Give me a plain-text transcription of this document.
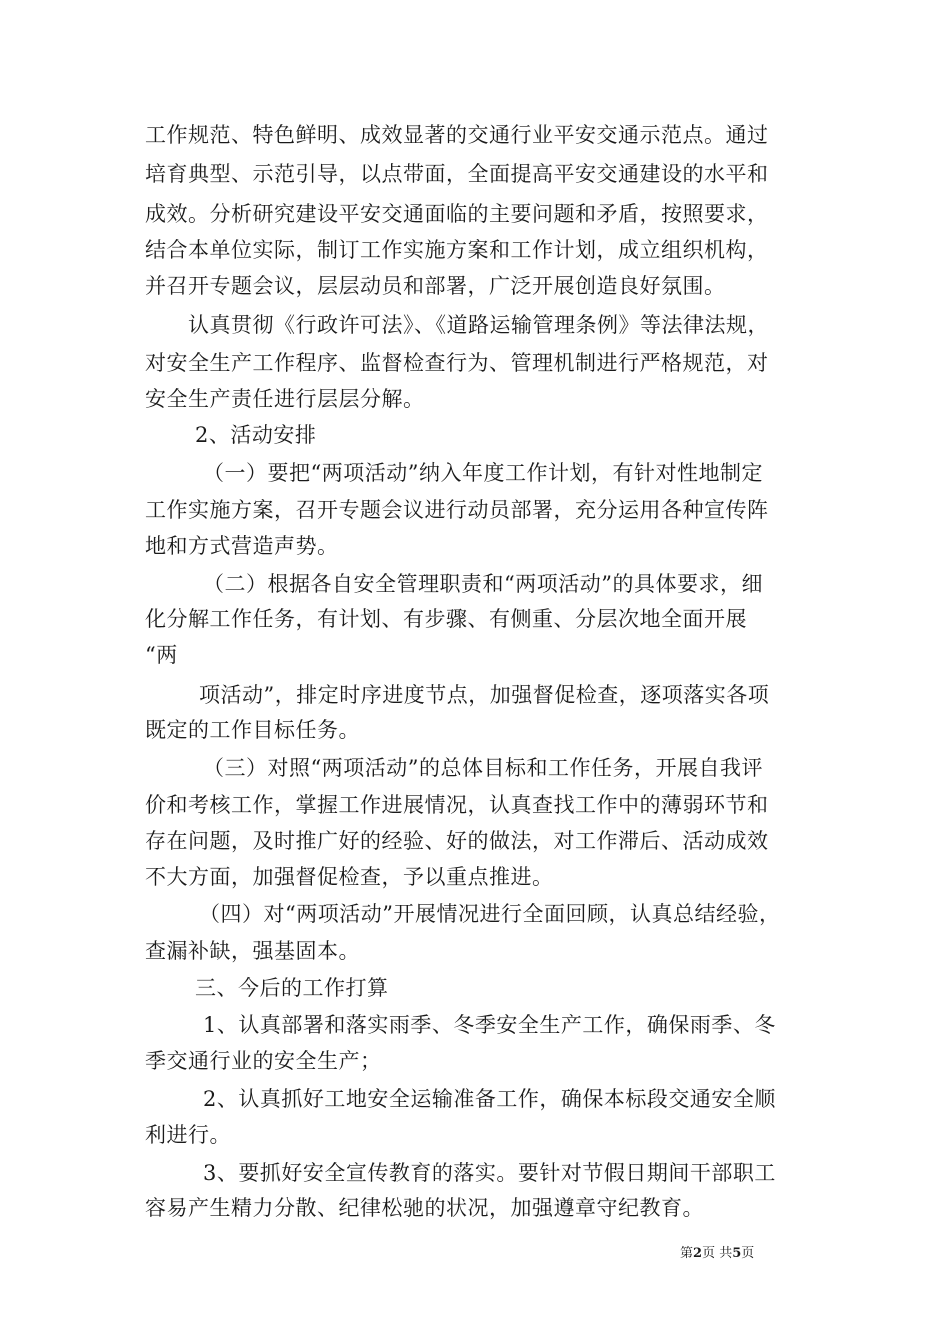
工作规范、特色鲜明、成效显著的交通行业平安交通示范点。通过

培育典型、示范引导，以点带面，全面提高平安交通建设的水平和

成效。分析研究建设平安交通面临的主要问题和矛盾，按照要求，

结合本单位实际，制订工作实施方案和工作计划，成立组织机构，

并召开专题会议，层层动员和部署，广泛开展创造良好氛围。

认真贯彻《行政许可法》、《道路运输管理条例》等法律法规，

对安全生产工作程序、监督检查行为、管理机制进行严格规范，对

安全生产责任进行层层分解。

2、活动安排

（一）要把“两项活动”纳入年度工作计划，有针对性地制定

工作实施方案，召开专题会议进行动员部署，充分运用各种宣传阵

地和方式营造声势。

（二）根据各自安全管理职责和“两项活动”的具体要求，细

化分解工作任务，有计划、有步骤、有侧重、分层次地全面开展

“两

项活动”，排定时序进度节点，加强督促检查，逐项落实各项

既定的工作目标任务。

（三）对照“两项活动”的总体目标和工作任务，开展自我评

价和考核工作，掌握工作进展情况，认真查找工作中的薄弱环节和

存在问题，及时推广好的经验、好的做法，对工作滞后、活动成效

不大方面，加强督促检查，予以重点推进。

（四）对“两项活动”开展情况进行全面回顾，认真总结经验，

查漏补缺，强基固本。

三、今后的工作打算

1、认真部署和落实雨季、冬季安全生产工作，确保雨季、冬

季交通行业的安全生产；

2、认真抓好工地安全运输准备工作，确保本标段交通安全顺

利进行。

3、要抓好安全宣传教育的落实。要针对节假日期间干部职工

容易产生精力分散、纪律松驰的状况，加强遵章守纪教育。

第2页 共5页
